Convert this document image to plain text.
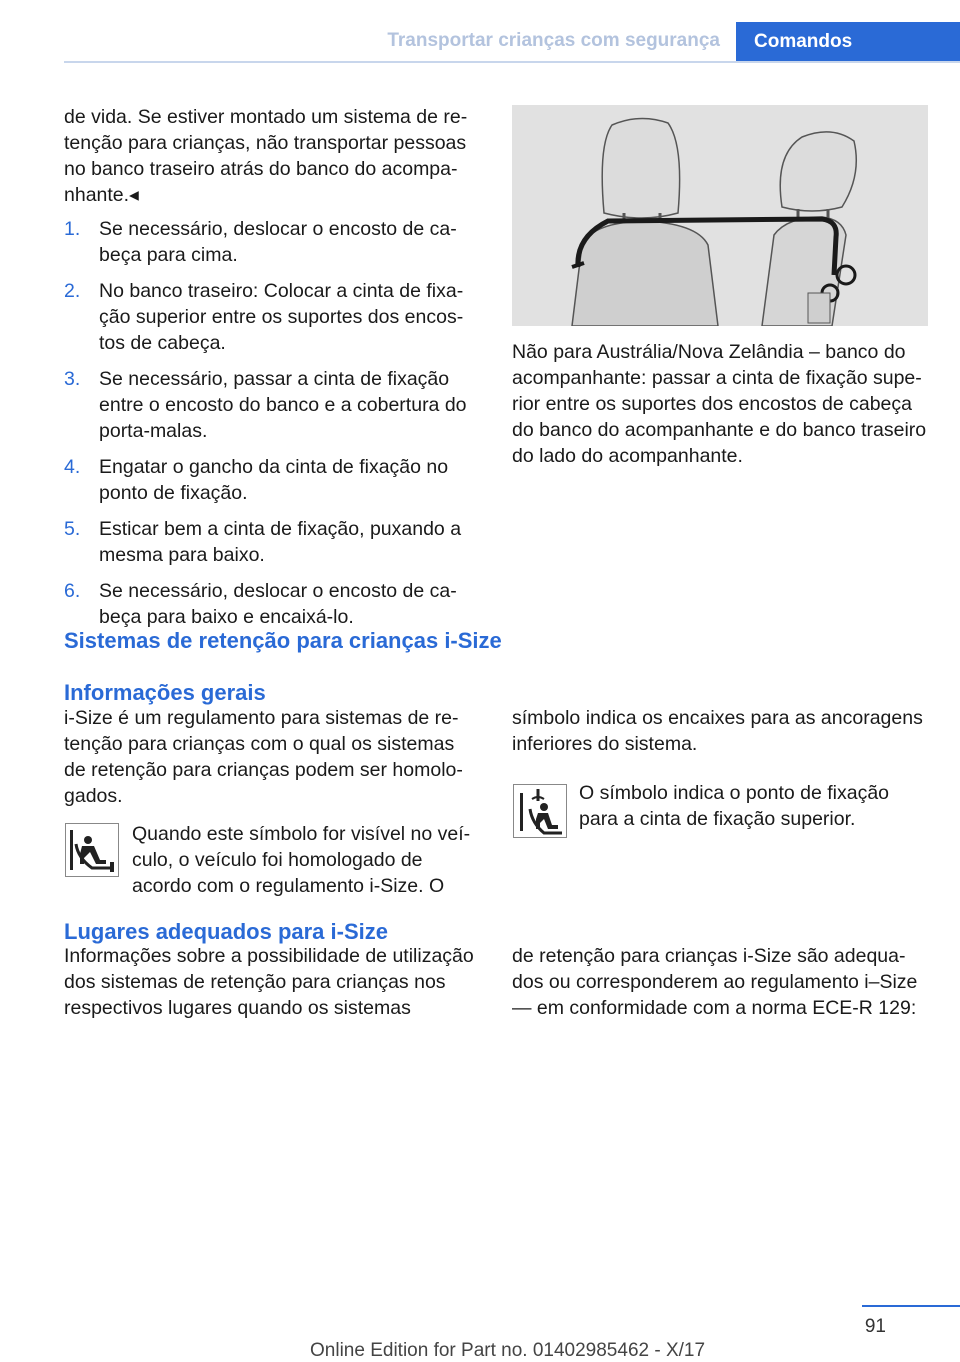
Transportar crianças com segurança	Comandos

de vida. Se estiver montado um sistema de retenção para crianças, não transportar pessoas no banco traseiro atrás do banco do acompanhante.◂

1. Se necessário, deslocar o encosto de cabeça para cima.
2. No banco traseiro: Colocar a cinta de fixação superior entre os suportes dos encostos de cabeça.
3. Se necessário, passar a cinta de fixação entre o encosto do banco e a cobertura do porta-malas.
4. Engatar o gancho da cinta de fixação no ponto de fixação.
5. Esticar bem a cinta de fixação, puxando a mesma para baixo.
6. Se necessário, deslocar o encosto de cabeça para baixo e encaixá-lo.

Não para Austrália/Nova Zelândia – banco do acompanhante: passar a cinta de fixação superior entre os suportes dos encostos de cabeça do banco do acompanhante e do banco traseiro do lado do acompanhante.

Sistemas de retenção para crianças i-Size
Informações gerais

i-Size é um regulamento para sistemas de retenção para crianças com o qual os sistemas de retenção para crianças podem ser homologados.

Quando este símbolo for visível no veículo, o veículo foi homologado de acordo com o regulamento i-Size. O

símbolo indica os encaixes para as ancoragens inferiores do sistema.

O símbolo indica o ponto de fixação para a cinta de fixação superior.

Lugares adequados para i-Size

Informações sobre a possibilidade de utilização dos sistemas de retenção para crianças nos respectivos lugares quando os sistemas

de retenção para crianças i-Size são adequados ou corresponderem ao regulamento i–Size — em conformidade com a norma ECE-R 129:

91
Online Edition for Part no. 01402985462 - X/17
